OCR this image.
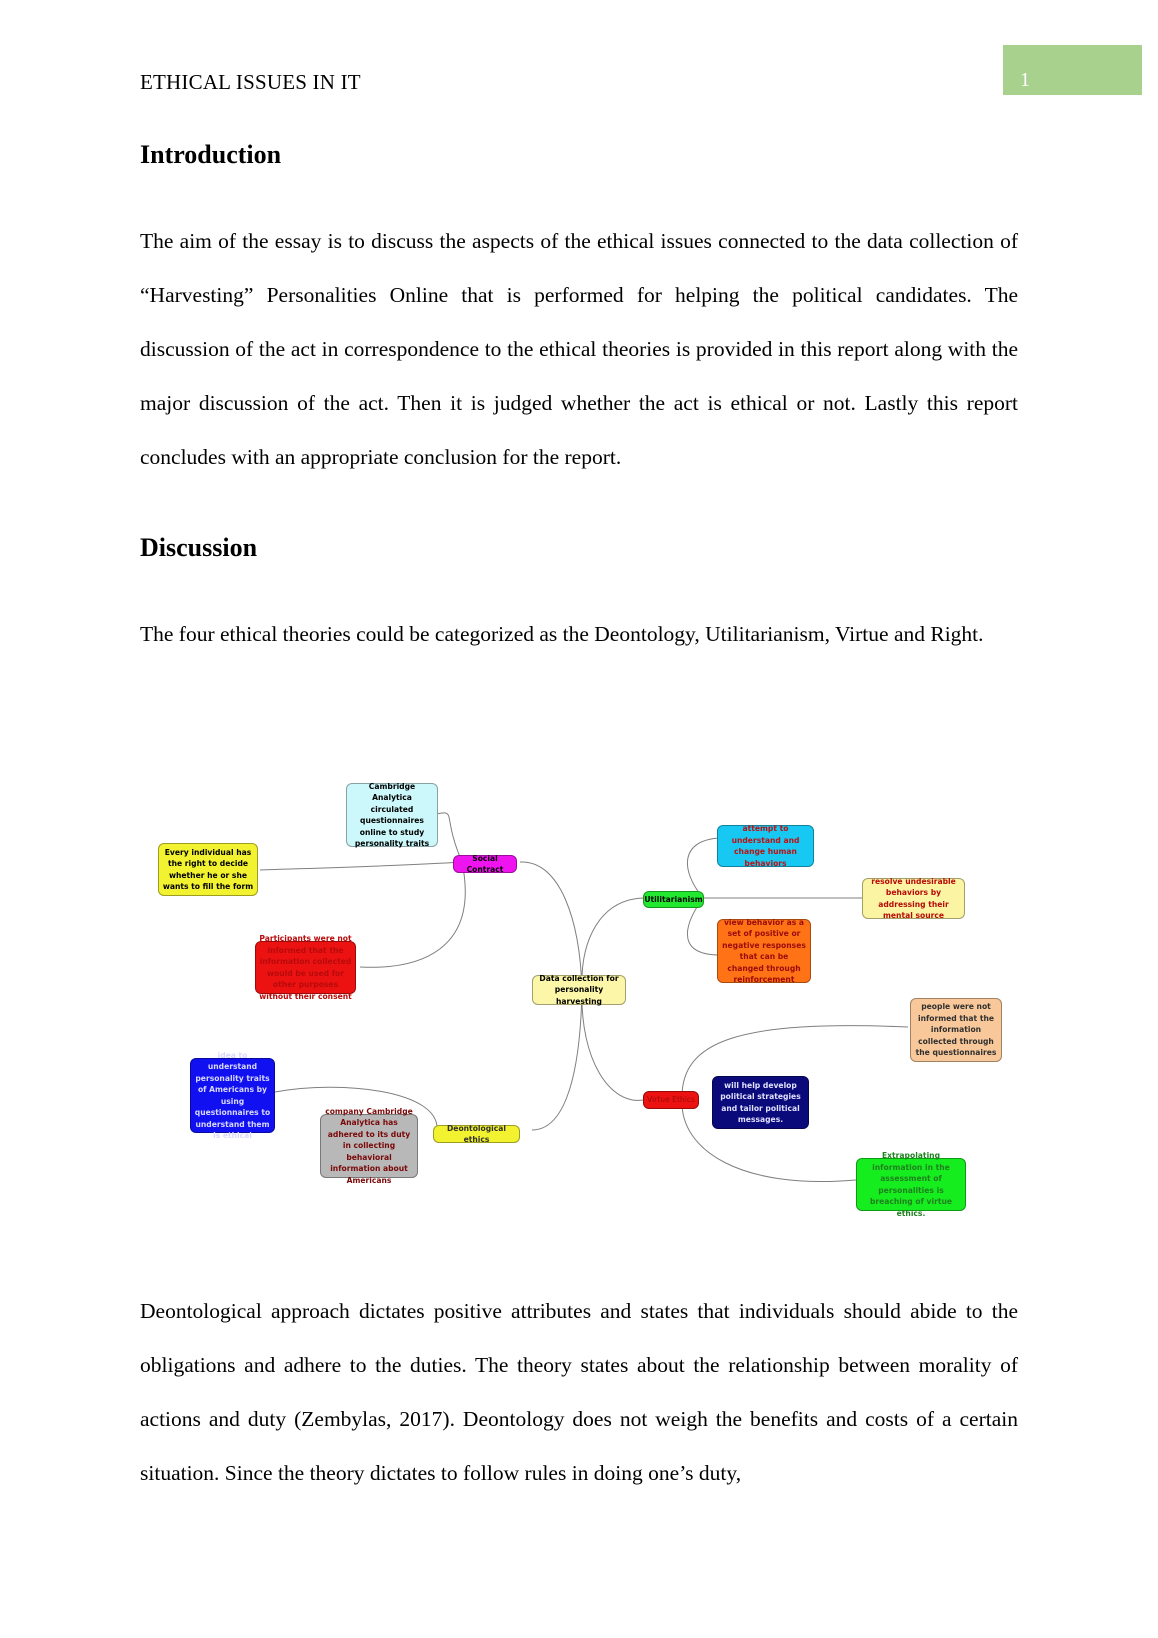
ETHICAL ISSUES IN IT	1
Introduction

The aim of the essay is to discuss the aspects of the ethical issues connected to the data collection of “Harvesting” Personalities Online that is performed for helping the political candidates. The discussion of the act in correspondence to the ethical theories is provided in this report along with the major discussion of the act. Then it is judged whether the act is ethical or not. Lastly this report concludes with an appropriate conclusion for the report.

Discussion

The four ethical theories could be categorized as the Deontology, Utilitarianism, Virtue and Right.

Cambridge Analytica circulated questionnaires online to study personality traits
Every individual has the right to decide whether he or she wants to fill the form
Social Contract
Participants were not informed that the information collected would be used for other purposes without their consent
Data collection for personality harvesting
Utilitarianism
attempt to understand and change human behaviors
resolve undesirable behaviors by addressing their mental source
view behavior as a set of positive or negative responses that can be changed through reinforcement
idea to understand personality traits of Americans by using questionnaires to understand them is ethical
company Cambridge Analytica has adhered to its duty in collecting behavioral information about Americans
Deontological ethics
Virtue Ethics
people were not informed that the information collected through the questionnaires
will help develop political strategies and tailor political messages.
Extrapolating information in the assessment of personalities is breaching of virtue ethics.

Deontological approach dictates positive attributes and states that individuals should abide to the obligations and adhere to the duties. The theory states about the relationship between morality of actions and duty (Zembylas, 2017). Deontology does not weigh the benefits and costs of a certain situation. Since the theory dictates to follow rules in doing one’s duty,
